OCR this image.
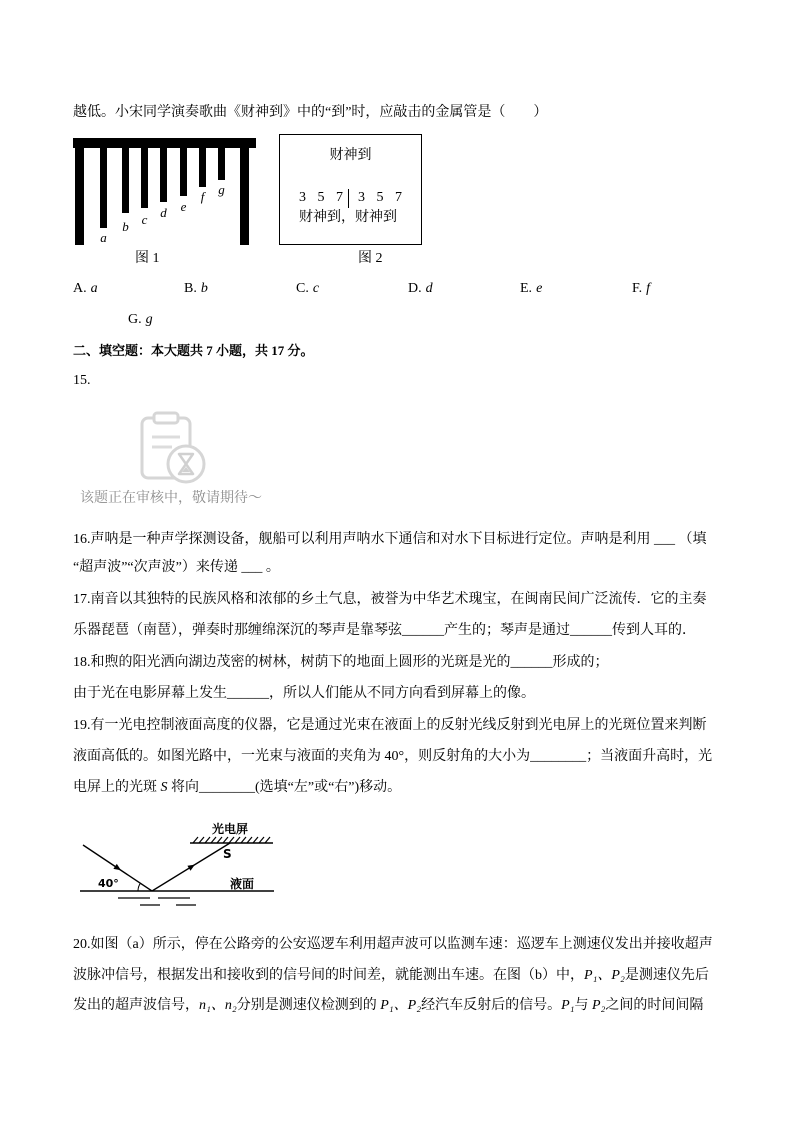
越低。小宋同学演奏歌曲《财神到》中的“到”时，应敲击的金属管是（　　）
a
b c d e
f g
图 1
财神到
3 5 7 3 5 7
财神到，财神到
图 2
A. a	B. b	C. c	D. d	E. e	F. f
G. g
二、填空题：本大题共 7 小题，共 17 分。
15.
该题正在审核中，敬请期待～
16.声呐是一种声学探测设备，舰船可以利用声呐水下通信和对水下目标进行定位。声呐是利用 ___ （填
“超声波”“次声波”）来传递 ___ 。
17.南音以其独特的民族风格和浓郁的乡土气息，被誉为中华艺术瑰宝，在闽南民间广泛流传．它的主奏
乐器琵琶（南琶），弹奏时那缠绵深沉的琴声是靠琴弦______产生的；琴声是通过______传到人耳的．
18.和煦的阳光洒向湖边茂密的树林，树荫下的地面上圆形的光斑是光的______形成的；
由于光在电影屏幕上发生______，所以人们能从不同方向看到屏幕上的像。
19.有一光电控制液面高度的仪器，它是通过光束在液面上的反射光线反射到光电屏上的光斑位置来判断
液面高低的。如图光路中，一光束与液面的夹角为 40°，则反射角的大小为________；当液面升高时，光
电屏上的光斑 S 将向________(选填“左”或“右”)移动。
光电屏
S
液面
40°
20.如图（a）所示，停在公路旁的公安巡逻车利用超声波可以监测车速：巡逻车上测速仪发出并接收超声
波脉冲信号，根据发出和接收到的信号间的时间差，就能测出车速。在图（b）中，P₁、P₂是测速仪先后
发出的超声波信号，n₁、n₂分别是测速仪检测到的 P₁、P₂经汽车反射后的信号。P₁与 P₂之间的时间间隔
